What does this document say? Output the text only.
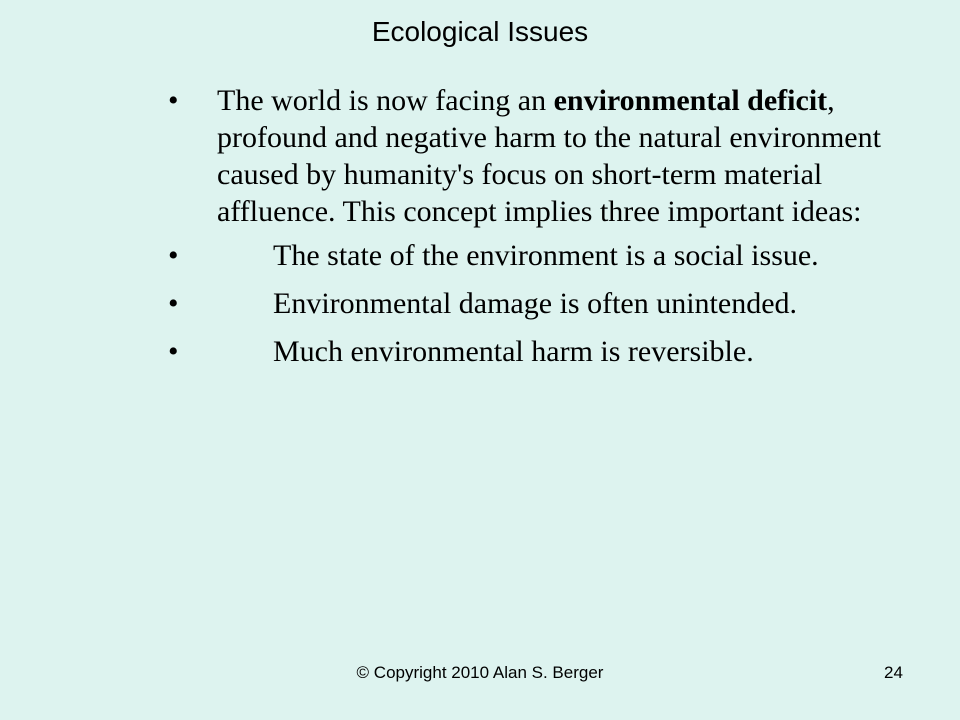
Ecological Issues
• The world is now facing an environmental deficit, profound and negative harm to the natural environment caused by humanity's focus on short-term material affluence. This concept implies three important ideas:
•	The state of the environment is a social issue.
•	Environmental damage is often unintended.
•	Much environmental harm is reversible.
© Copyright 2010 Alan S. Berger	24
